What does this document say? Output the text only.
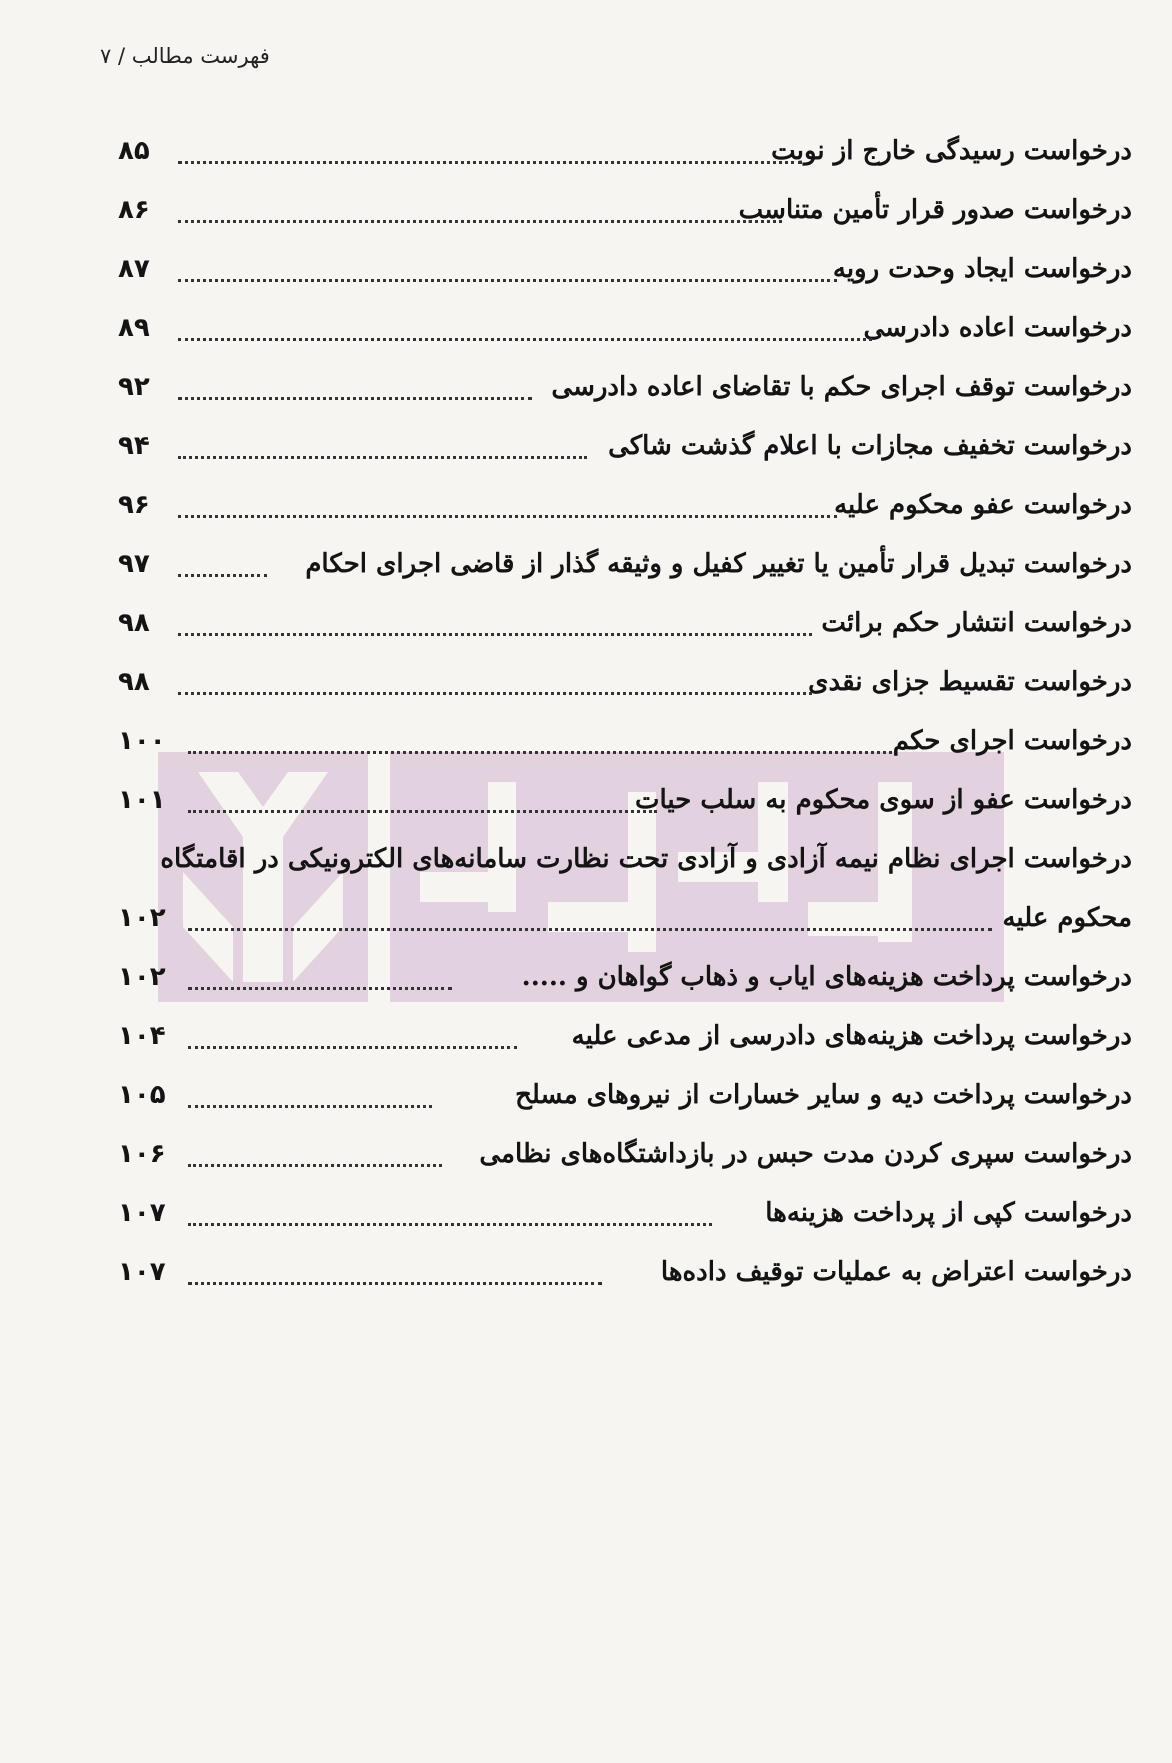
فهرست مطالب / ۷
درخواست رسیدگی خارج از نوبت
۸۵
درخواست صدور قرار تأمین متناسب
۸۶
درخواست ایجاد وحدت رویه
۸۷
درخواست اعاده دادرسی
۸۹
درخواست توقف اجرای حکم با تقاضای اعاده دادرسی
۹۲
درخواست تخفیف مجازات با اعلام گذشت شاکی
۹۴
درخواست عفو محکوم علیه
۹۶
درخواست تبدیل قرار تأمین یا تغییر کفیل و وثیقه گذار از قاضی اجرای احکام
۹۷
درخواست انتشار حکم برائت
۹۸
درخواست تقسیط جزای نقدی
۹۸
درخواست اجرای حکم
۱۰۰
درخواست عفو از سوی محکوم به سلب حیات
۱۰۱
درخواست اجرای نظام نیمه آزادی و آزادی تحت نظارت سامانه‌های الکترونیکی در اقامتگاه
محکوم علیه
۱۰۲
درخواست پرداخت هزینه‌های ایاب و ذهاب گواهان و .....
۱۰۲
درخواست پرداخت هزینه‌های دادرسی از مدعی علیه
۱۰۴
درخواست پرداخت دیه و سایر خسارات از نیروهای مسلح
۱۰۵
درخواست سپری کردن مدت حبس در بازداشتگاه‌های نظامی
۱۰۶
درخواست کپی از پرداخت هزینه‌ها
۱۰۷
درخواست اعتراض به عملیات توقیف داده‌ها
۱۰۷
